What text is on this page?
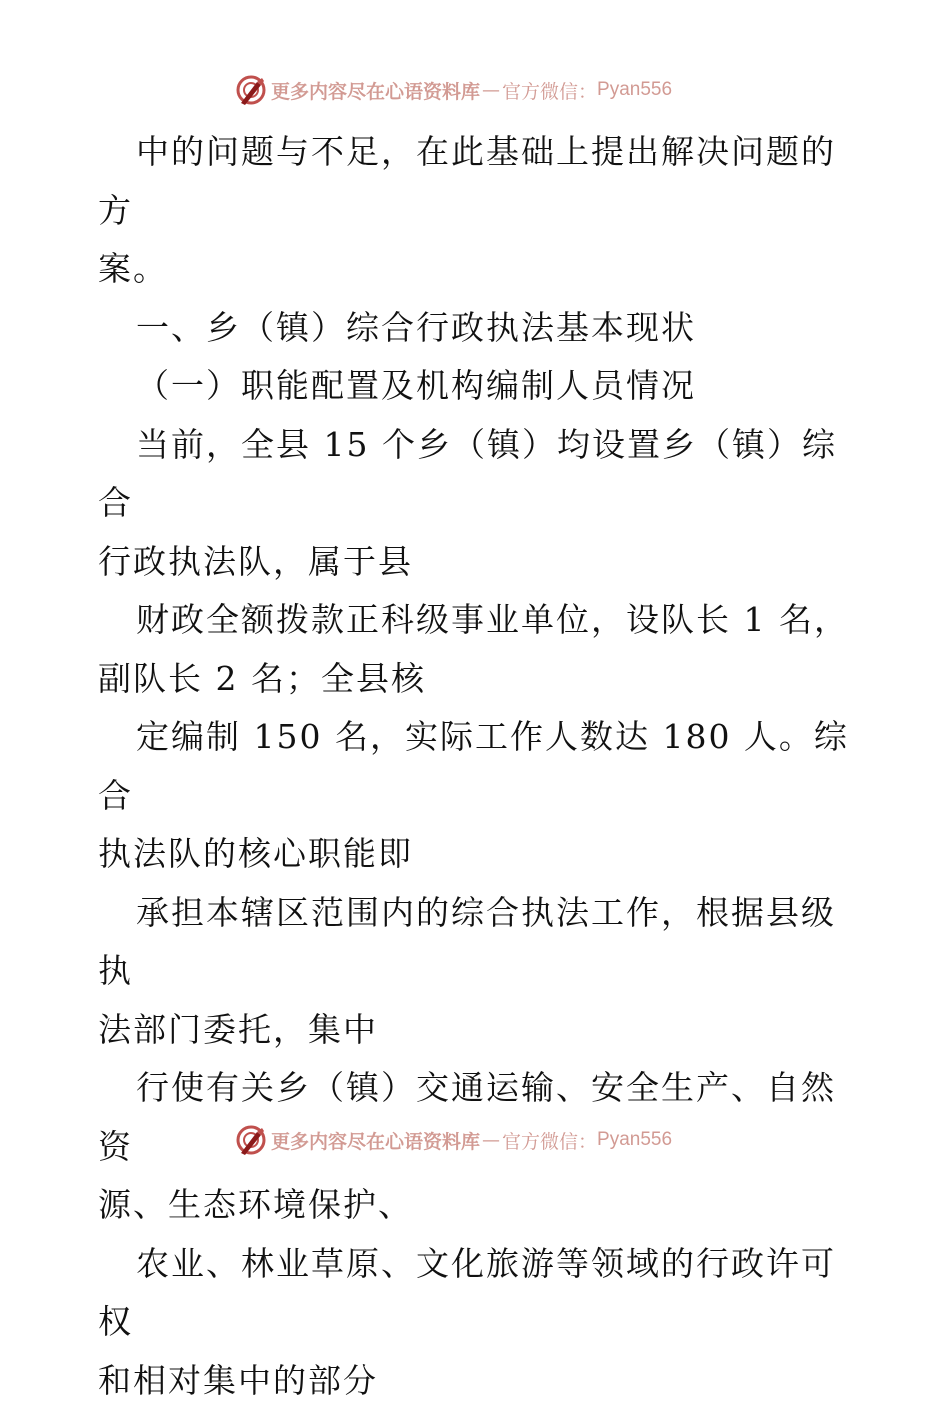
更多内容尽在心语资料库 — 官方微信： Pyan556

中的问题与不足，在此基础上提出解决问题的方

案。

一、乡（镇）综合行政执法基本现状

（一）职能配置及机构编制人员情况

当前，全县 15 个乡（镇）均设置乡（镇）综合

行政执法队，属于县

财政全额拨款正科级事业单位，设队长 1 名，

副队长 2 名；全县核

定编制 150 名，实际工作人数达 180 人。综合

执法队的核心职能即

承担本辖区范围内的综合执法工作，根据县级执

法部门委托，集中

行使有关乡（镇）交通运输、安全生产、自然资

源、生态环境保护、

农业、林业草原、文化旅游等领域的行政许可权

和相对集中的部分

更多内容尽在心语资料库 — 官方微信： Pyan556
